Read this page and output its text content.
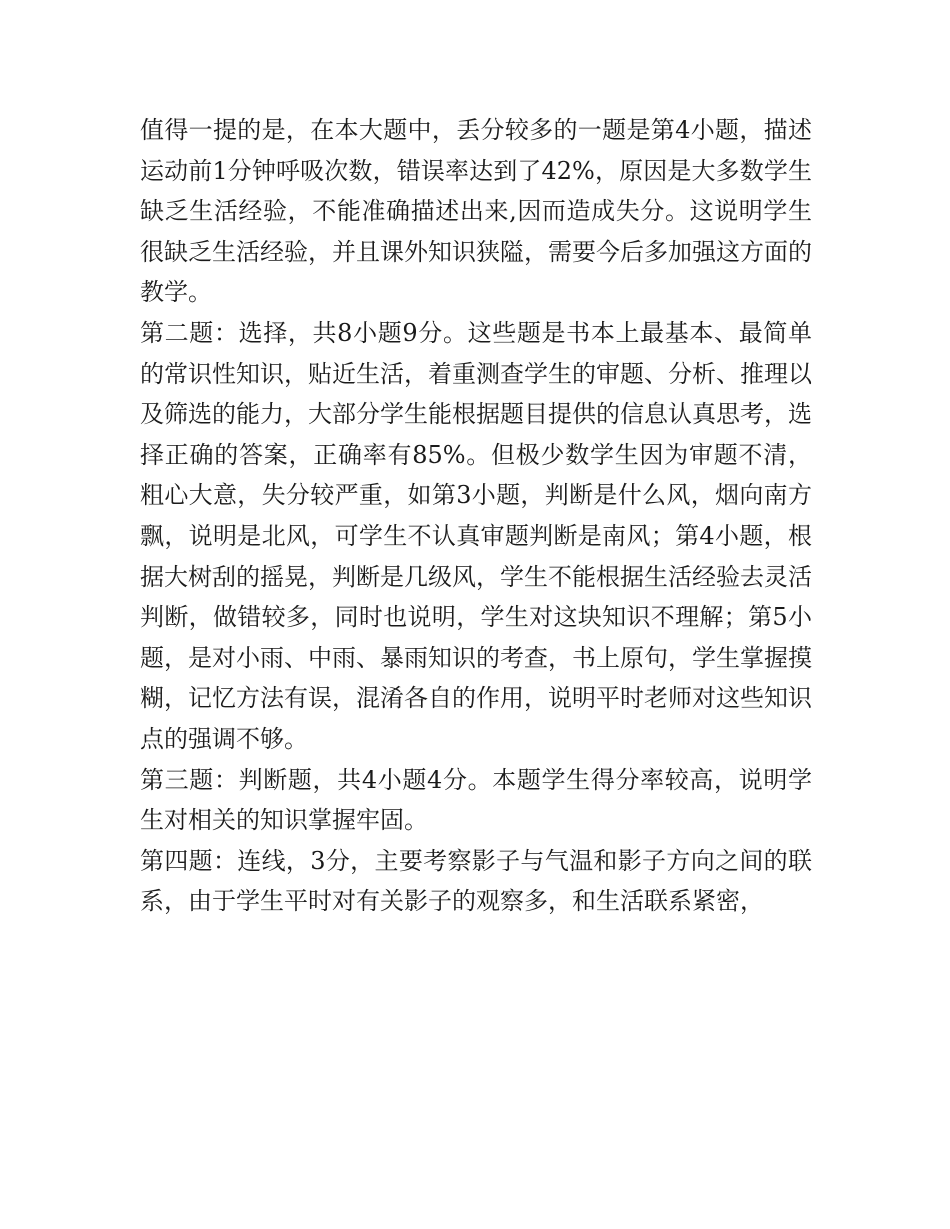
值得一提的是，在本大题中，丢分较多的一题是第4小题，描述运动前1分钟呼吸次数，错误率达到了42%，原因是大多数学生缺乏生活经验，不能准确描述出来,因而造成失分。这说明学生很缺乏生活经验，并且课外知识狭隘，需要今后多加强这方面的教学。

第二题：选择，共8小题9分。这些题是书本上最基本、最简单的常识性知识，贴近生活，着重测查学生的审题、分析、推理以及筛选的能力，大部分学生能根据题目提供的信息认真思考，选择正确的答案，正确率有85%。但极少数学生因为审题不清，粗心大意，失分较严重，如第3小题，判断是什么风，烟向南方飘，说明是北风，可学生不认真审题判断是南风；第4小题，根据大树刮的摇晃，判断是几级风，学生不能根据生活经验去灵活判断，做错较多，同时也说明，学生对这块知识不理解；第5小题，是对小雨、中雨、暴雨知识的考查，书上原句，学生掌握摸糊，记忆方法有误，混淆各自的作用，说明平时老师对这些知识点的强调不够。

第三题：判断题，共4小题4分。本题学生得分率较高，说明学生对相关的知识掌握牢固。

第四题：连线，3分，主要考察影子与气温和影子方向之间的联系，由于学生平时对有关影子的观察多，和生活联系紧密，
